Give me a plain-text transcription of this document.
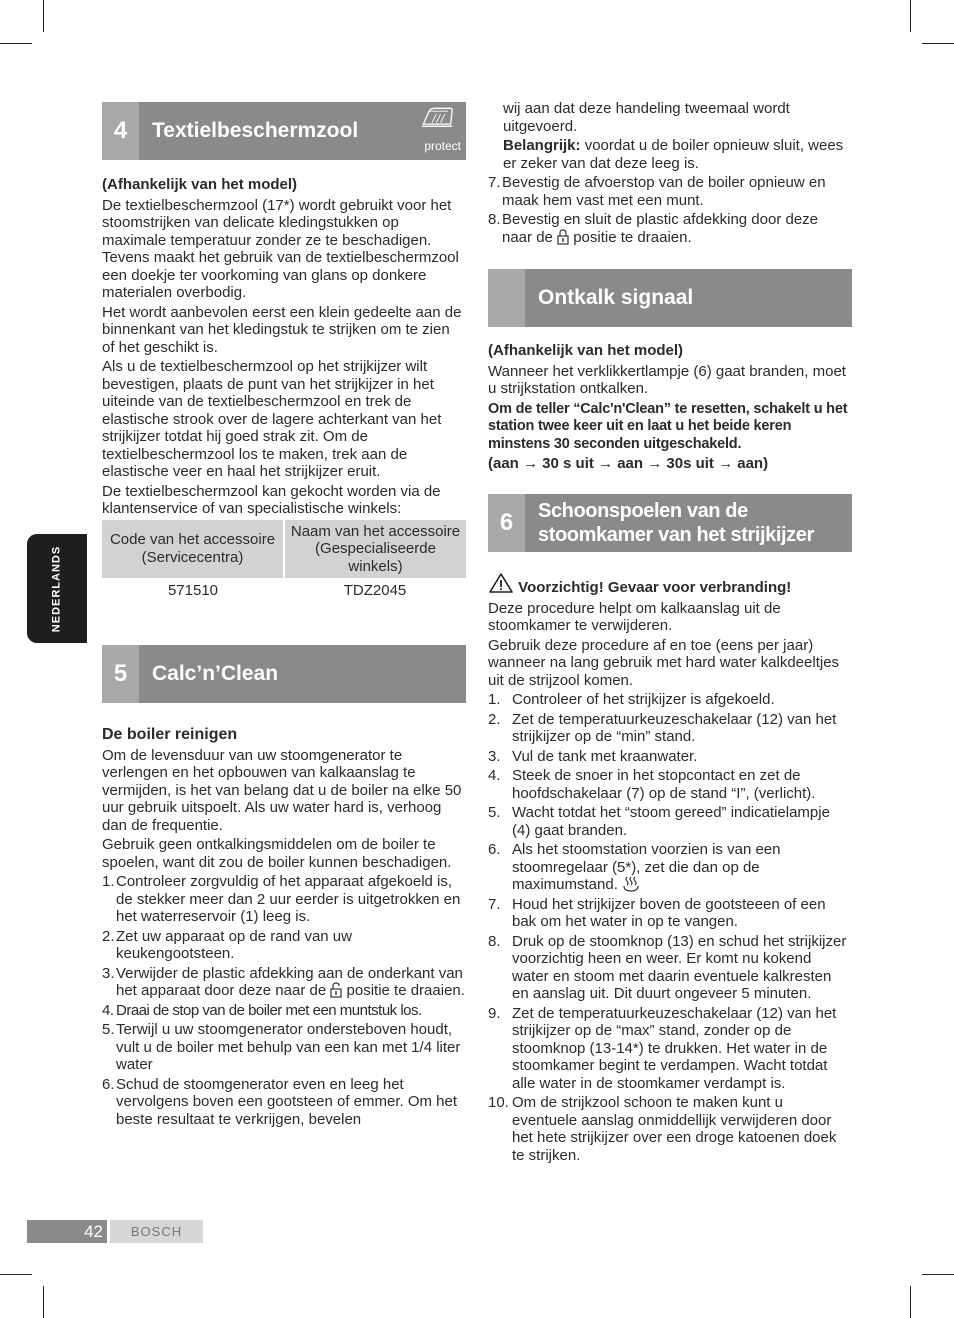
NEDERLANDS
4	Textielbeschermzool
protect

(Afhankelijk van het model)

De textielbeschermzool (17*) wordt gebruikt voor het stoomstrijken van delicate kledingstukken op maximale temperatuur zonder ze te beschadigen. Tevens maakt het gebruik van de textielbeschermzool een doekje ter voorkoming van glans op donkere materialen overbodig.

Het wordt aanbevolen eerst een klein gedeelte aan de binnenkant van het kledingstuk te strijken om te zien of het geschikt is.

Als u de textielbeschermzool op het strijkijzer wilt bevestigen, plaats de punt van het strijkijzer in het uiteinde van de textielbeschermzool en trek de elastische strook over de lagere achterkant van het strijkijzer totdat hij goed strak zit. Om de textielbeschermzool los te maken, trek aan de elastische veer en haal het strijkijzer eruit.

De textielbeschermzool kan gekocht worden via de klantenservice of van specialistische winkels:

Code van het accessoire (Servicecentra)	Naam van het accessoire (Gespecialiseerde winkels)
571510	TDZ2045
5	Calc’n’Clean

De boiler reinigen

Om de levensduur van uw stoomgenerator te verlengen en het opbouwen van kalkaanslag te vermijden, is het van belang dat u de boiler na elke 50 uur gebruik uitspoelt. Als uw water hard is, verhoog dan de frequentie.

Gebruik geen ontkalkingsmiddelen om de boiler te spoelen, want dit zou de boiler kunnen beschadigen.

1. Controleer zorgvuldig of het apparaat afgekoeld is, de stekker meer dan 2 uur eerder is uitgetrokken en het waterreservoir (1) leeg is.
2. Zet uw apparaat op de rand van uw keukengootsteen.
3. Verwijder de plastic afdekking aan de onderkant van het apparaat door deze naar de  positie te draaien.
4. Draai de stop van de boiler met een muntstuk los.
5. Terwijl u uw stoomgenerator ondersteboven houdt, vult u de boiler met behulp van een kan met 1/4 liter water
6. Schud de stoomgenerator even en leeg het vervolgens boven een gootsteen of emmer. Om het beste resultaat te verkrijgen, bevelen

wij aan dat deze handeling tweemaal wordt uitgevoerd.

Belangrijk: voordat u de boiler opnieuw sluit, wees er zeker van dat deze leeg is.

7. Bevestig de afvoerstop van de boiler opnieuw en maak hem vast met een munt.
8. Bevestig en sluit de plastic afdekking door deze naar de  positie te draaien.
Ontkalk signaal

(Afhankelijk van het model)

Wanneer het verklikkertlampje (6) gaat branden, moet u strijkstation ontkalken.

Om de teller “Calc'n'Clean” te resetten, schakelt u het station twee keer uit en laat u het beide keren minstens 30 seconden uitgeschakeld.

(aan → 30 s uit → aan → 30s uit → aan)

6	Schoonspoelen van de stoomkamer van het strijkijzer

Voorzichtig! Gevaar voor verbranding!

Deze procedure helpt om kalkaanslag uit de stoomkamer te verwijderen.

Gebruik deze procedure af en toe (eens per jaar) wanneer na lang gebruik met hard water kalkdeeltjes uit de strijzool komen.

1. Controleer of het strijkijzer is afgekoeld.
2. Zet de temperatuurkeuzeschakelaar (12) van het strijkijzer op de “min” stand.
3. Vul de tank met kraanwater.
4. Steek de snoer in het stopcontact en zet de hoofdschakelaar (7) op de stand “I”, (verlicht).
5. Wacht totdat het “stoom gereed” indicatielampje (4) gaat branden.
6. Als het stoomstation voorzien is van een stoomregelaar (5*), zet die dan op de maximumstand.
7. Houd het strijkijzer boven de gootsteeen of een bak om het water in op te vangen.
8. Druk op de stoomknop (13) en schud het strijkijzer voorzichtig heen en weer. Er komt nu kokend water en stoom met daarin eventuele kalkresten en aanslag uit. Dit duurt ongeveer 5 minuten.
9. Zet de temperatuurkeuzeschakelaar (12) van het strijkijzer op de “max” stand, zonder op de stoomknop (13-14*) te drukken. Het water in de stoomkamer begint te verdampen. Wacht totdat alle water in de stoomkamer verdampt is.
10. Om de strijkzool schoon te maken kunt u eventuele aanslag onmiddellijk verwijderen door het hete strijkijzer over een droge katoenen doek te strijken.
42	BOSCH
